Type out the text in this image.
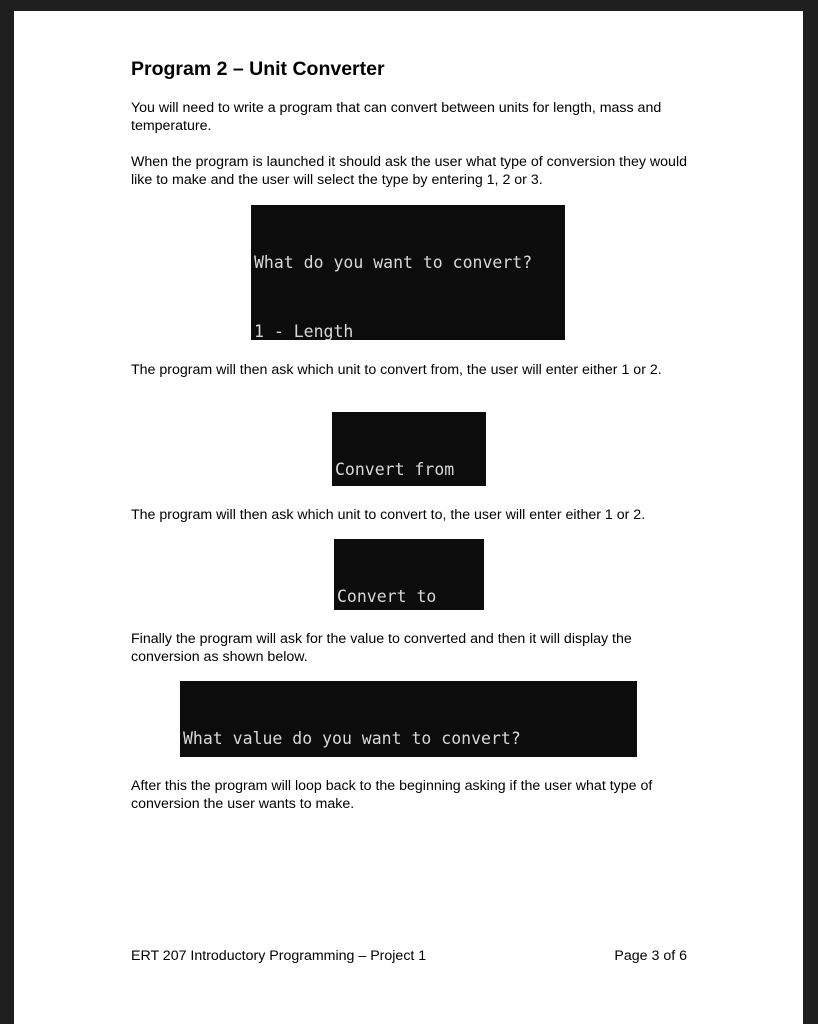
Program 2 – Unit Converter

You will need to write a program that can convert between units for length, mass and temperature.

When the program is launched it should ask the user what type of conversion they would like to make and the user will select the type by entering 1, 2 or 3.

What do you want to convert?

1 - Length

The program will then ask which unit to convert from, the user will enter either 1 or 2.

Convert from

The program will then ask which unit to convert to, the user will enter either 1 or 2.

Convert to

Finally the program will ask for the value to converted and then it will display the conversion as shown below.

What value do you want to convert?

After this the program will loop back to the beginning asking if the user what type of conversion the user wants to make.

ERT 207 Introductory Programming – Project 1	Page 3 of 6
